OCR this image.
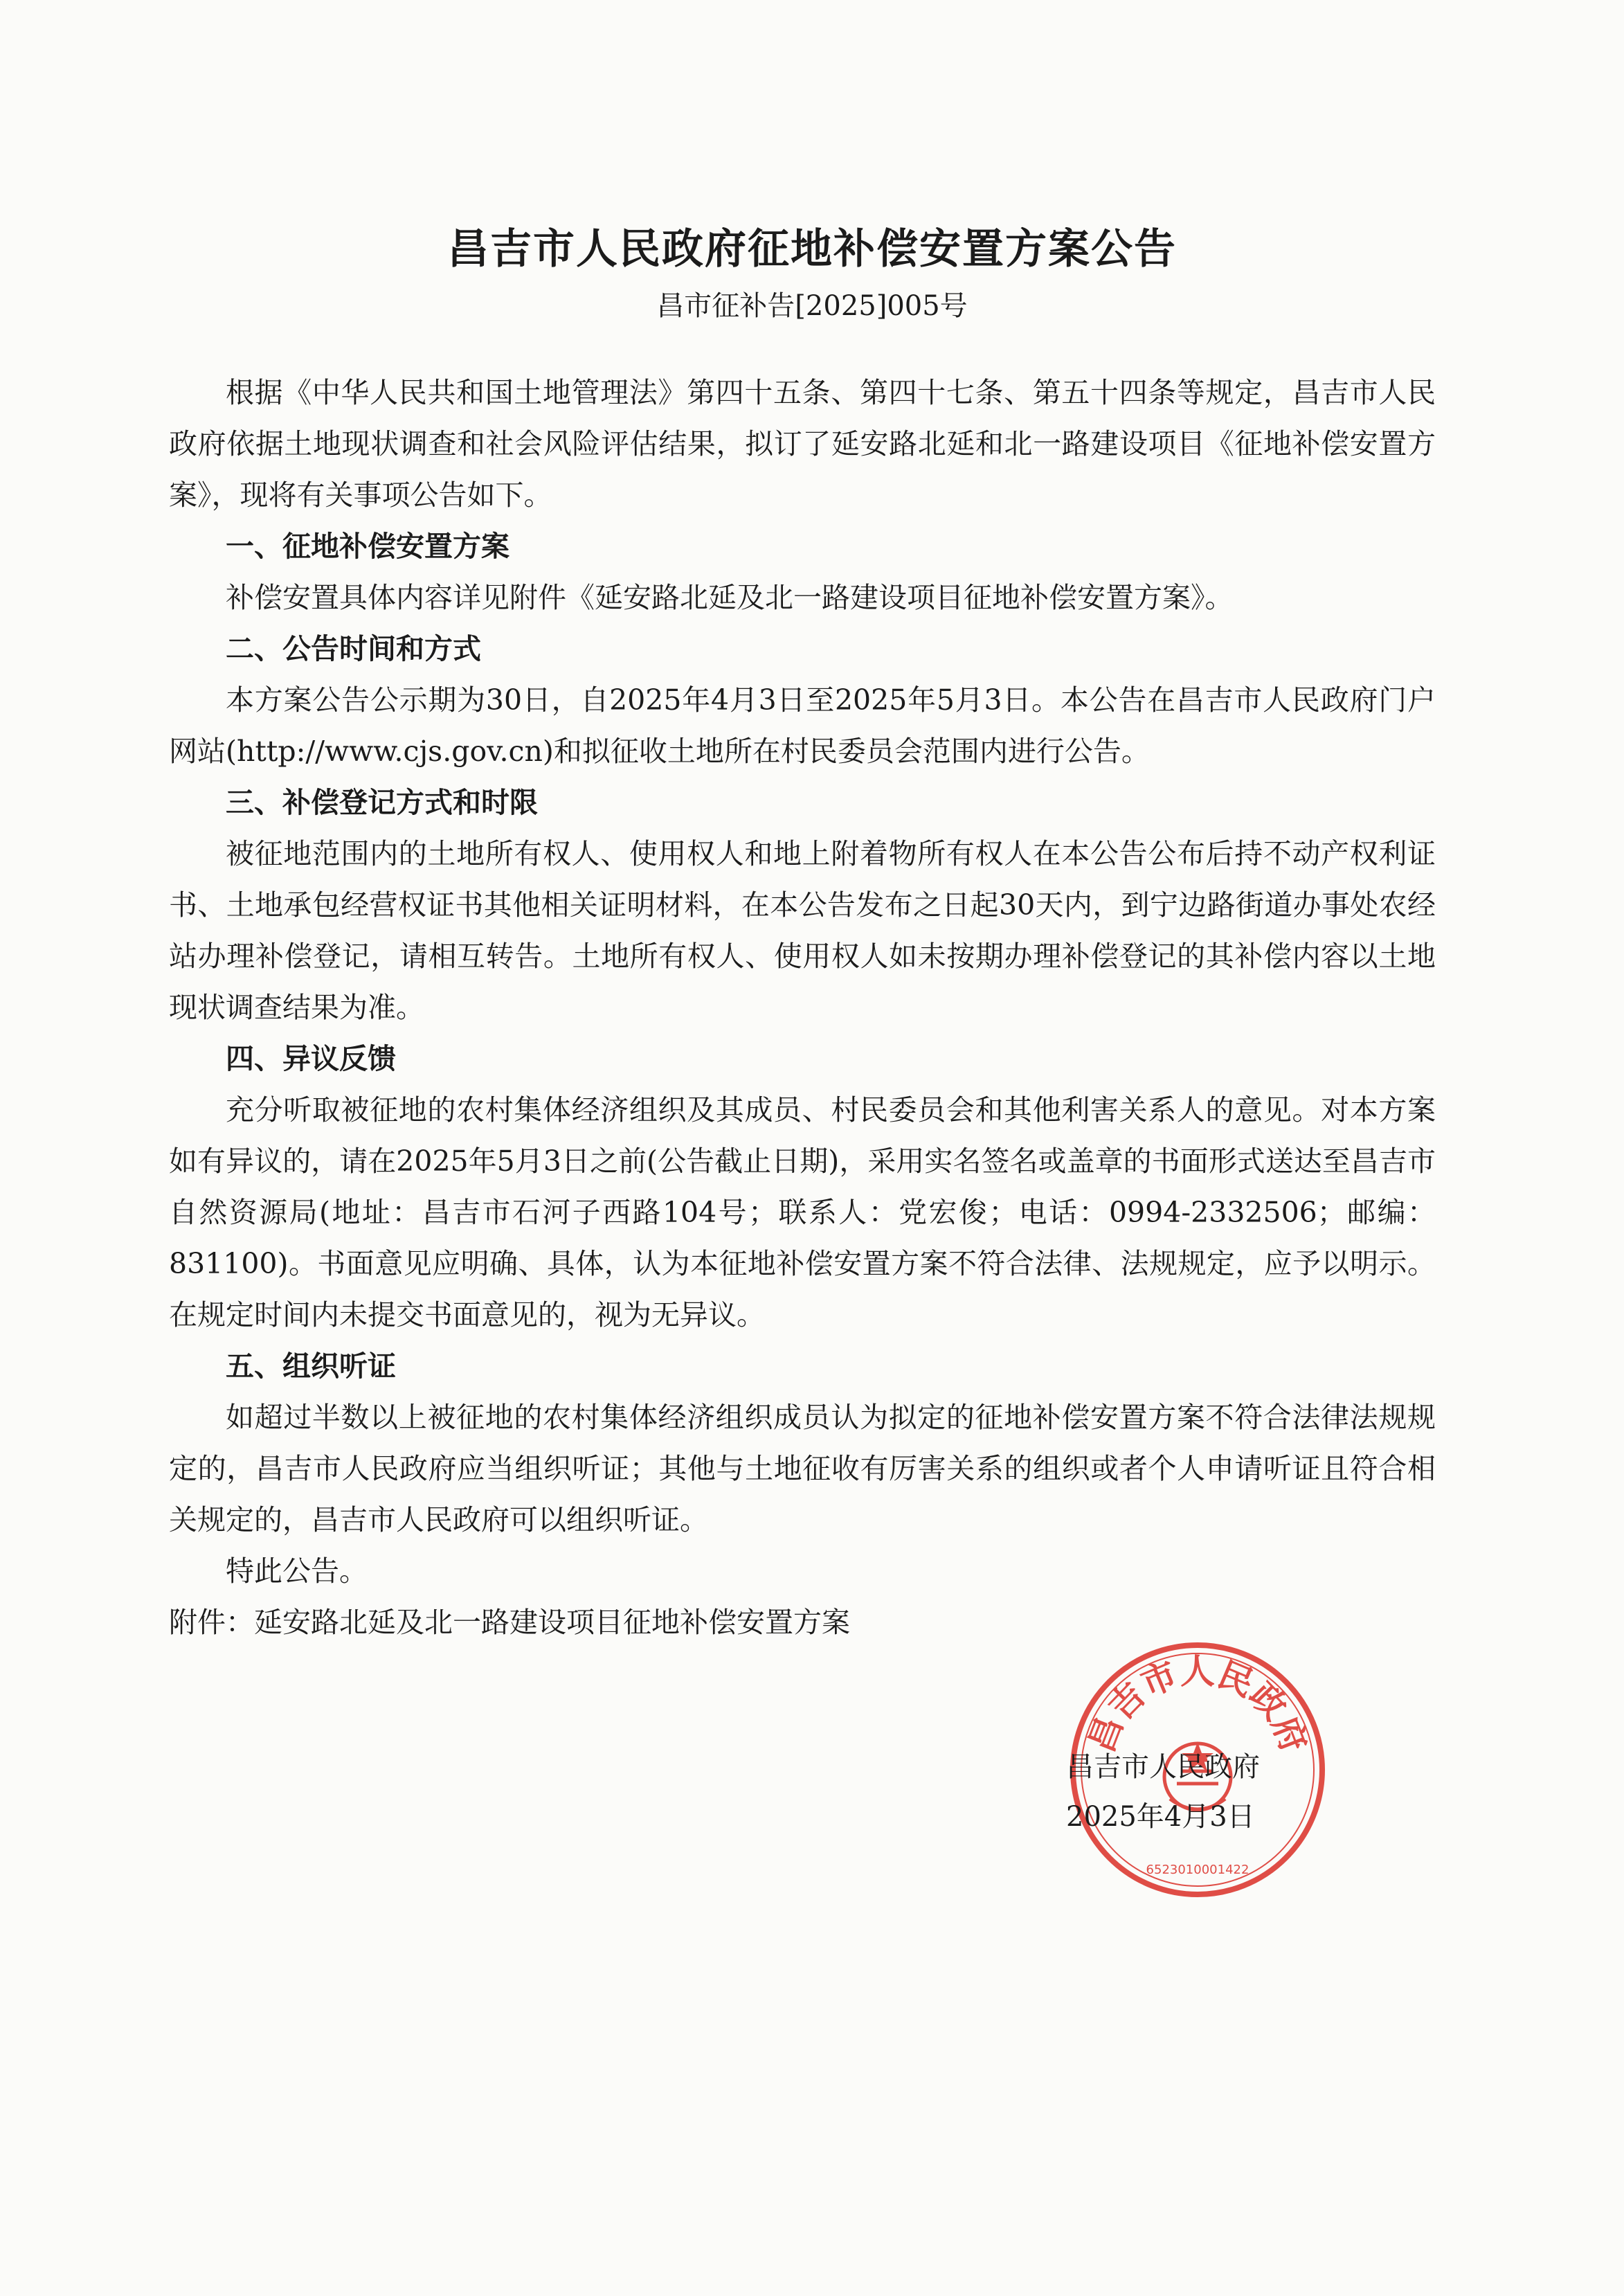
昌吉市人民政府征地补偿安置方案公告
昌市征补告[2025]005号

根据《中华人民共和国土地管理法》第四十五条、第四十七条、第五十四条等规定，昌吉市人民政府依据土地现状调查和社会风险评估结果，拟订了延安路北延和北一路建设项目《征地补偿安置方案》，现将有关事项公告如下。

一、征地补偿安置方案

补偿安置具体内容详见附件《延安路北延及北一路建设项目征地补偿安置方案》。

二、公告时间和方式

本方案公告公示期为30日，自2025年4月3日至2025年5月3日。本公告在昌吉市人民政府门户网站(http://www.cjs.gov.cn)和拟征收土地所在村民委员会范围内进行公告。

三、补偿登记方式和时限

被征地范围内的土地所有权人、使用权人和地上附着物所有权人在本公告公布后持不动产权利证书、土地承包经营权证书其他相关证明材料，在本公告发布之日起30天内，到宁边路街道办事处农经站办理补偿登记，请相互转告。土地所有权人、使用权人如未按期办理补偿登记的其补偿内容以土地现状调查结果为准。

四、异议反馈

充分听取被征地的农村集体经济组织及其成员、村民委员会和其他利害关系人的意见。对本方案如有异议的，请在2025年5月3日之前(公告截止日期)，采用实名签名或盖章的书面形式送达至昌吉市自然资源局(地址：昌吉市石河子西路104号；联系人：党宏俊；电话：0994-2332506；邮编：831100)。书面意见应明确、具体，认为本征地补偿安置方案不符合法律、法规规定，应予以明示。在规定时间内未提交书面意见的，视为无异议。

五、组织听证

如超过半数以上被征地的农村集体经济组织成员认为拟定的征地补偿安置方案不符合法律法规规定的，昌吉市人民政府应当组织听证；其他与土地征收有厉害关系的组织或者个人申请听证且符合相关规定的，昌吉市人民政府可以组织听证。

特此公告。

附件：延安路北延及北一路建设项目征地补偿安置方案

昌吉市人民政府
6523010001422
昌吉市人民政府
2025年4月3日
